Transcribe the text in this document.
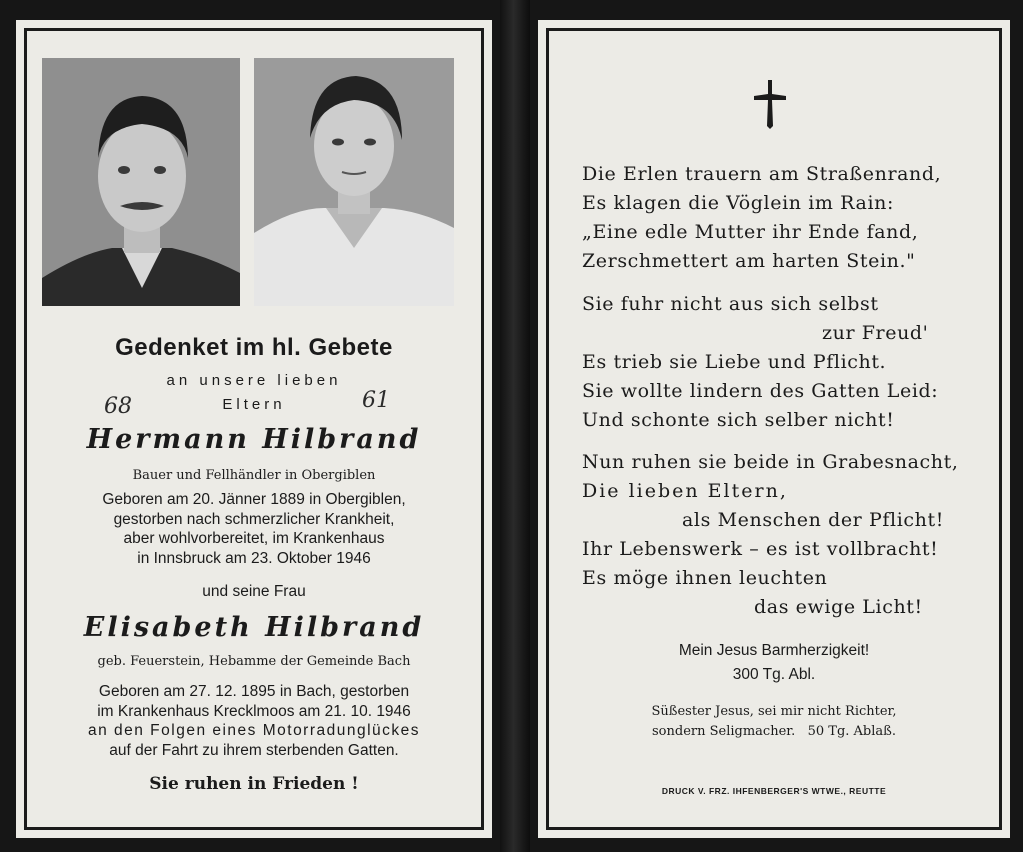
Gedenket im hl. Gebete
an unsere lieben
Eltern
68	61
Hermann Hilbrand
Bauer und Fellhändler in Obergiblen
Geboren am 20. Jänner 1889 in Obergiblen,
gestorben nach schmerzlicher Krankheit,
aber wohlvorbereitet, im Krankenhaus
in Innsbruck am 23. Oktober 1946
und seine Frau
Elisabeth Hilbrand
geb. Feuerstein, Hebamme der Gemeinde Bach
Geboren am 27. 12. 1895 in Bach, gestorben
im Krankenhaus Krecklmoos am 21. 10. 1946
an den Folgen eines Motorradunglückes
auf der Fahrt zu ihrem sterbenden Gatten.
Sie ruhen in Frieden !
Die Erlen trauern am Straßenrand,
Es klagen die Vöglein im Rain:
„Eine edle Mutter ihr Ende fand,
Zerschmettert am harten Stein."
Sie fuhr nicht aus sich selbst
zur Freud'
Es trieb sie Liebe und Pflicht.
Sie wollte lindern des Gatten Leid:
Und schonte sich selber nicht!
Nun ruhen sie beide in Grabesnacht,
Die lieben Eltern,
als Menschen der Pflicht!
Ihr Lebenswerk – es ist vollbracht!
Es möge ihnen leuchten
das ewige Licht!
Mein Jesus Barmherzigkeit!
300 Tg. Abl.
Süßester Jesus, sei mir nicht Richter,
sondern Seligmacher.   50 Tg. Ablaß.
DRUCK V. FRZ. IHFENBERGER'S WTWE., REUTTE
